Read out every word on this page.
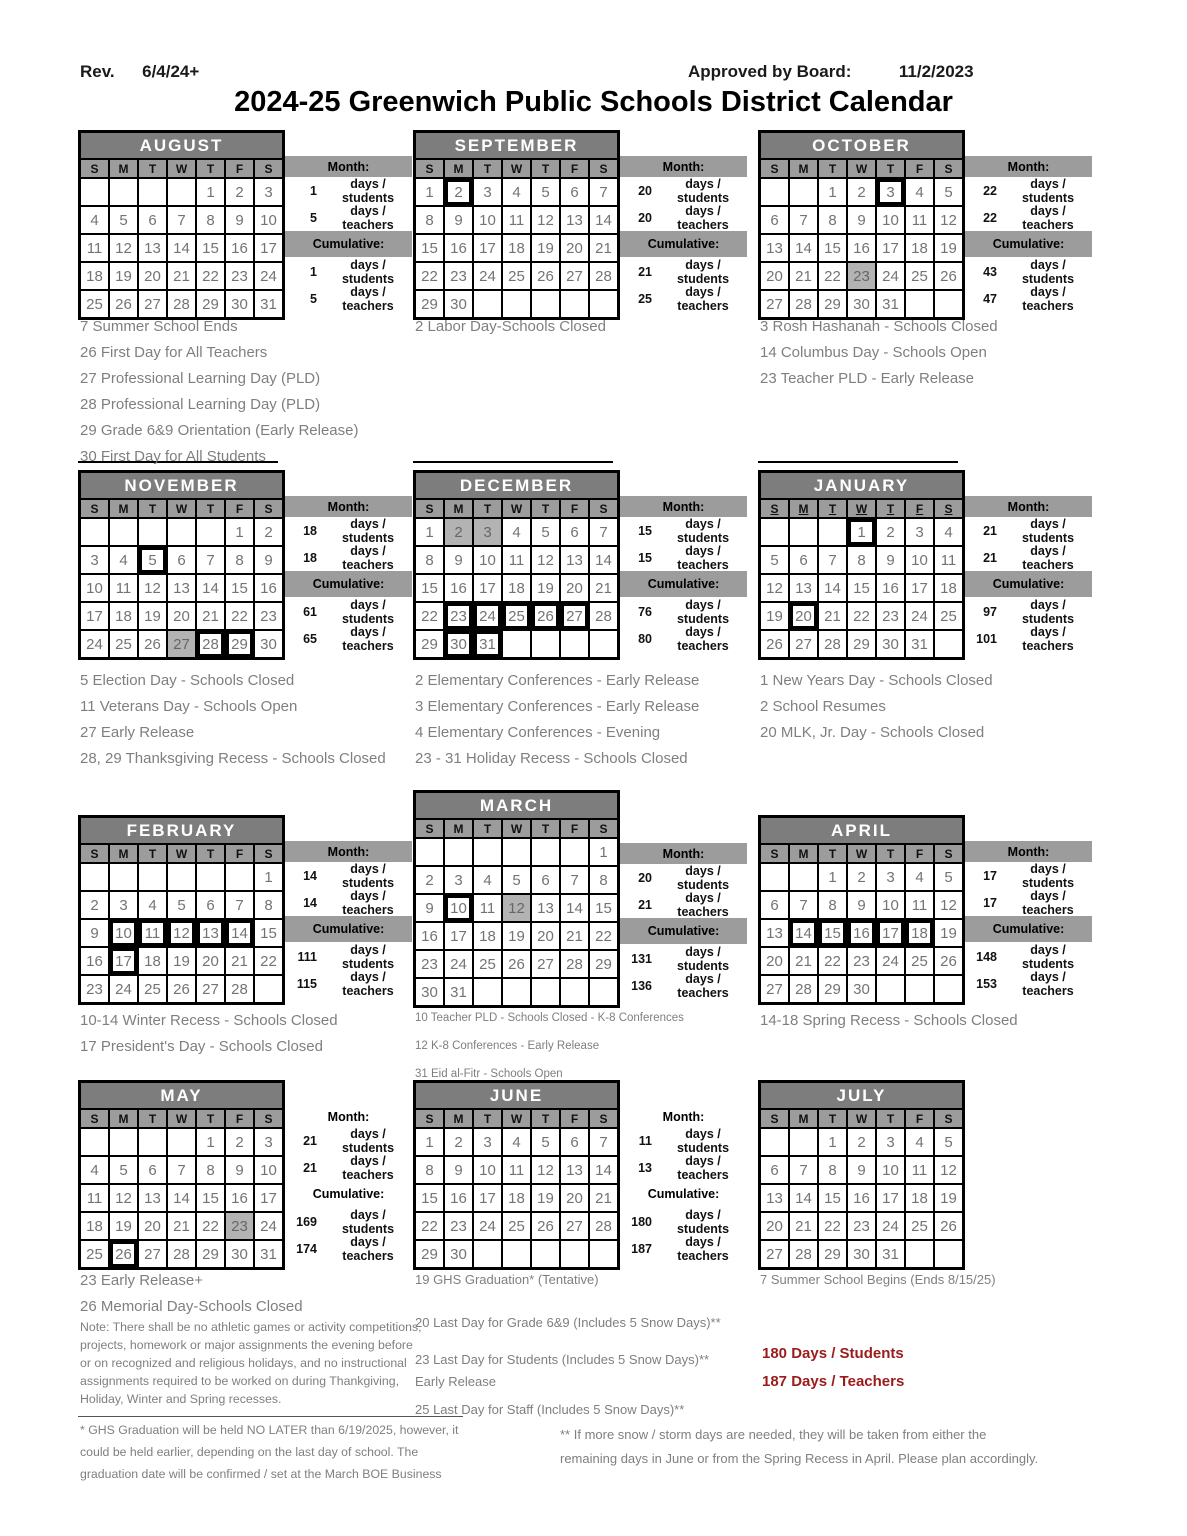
Rev. 6/4/24+	Approved by Board:	11/2/2023
2024-25 Greenwich Public Schools District Calendar
AUGUST						
S	M	T	W	T	F	S
				1	2	3
4	5	6	7	8	9	10
11	12	13	14	15	16	17
18	19	20	21	22	23	24
25	26	27	28	29	30	31
Month:
1	days / students
5	days / teachers
Cumulative:
1	days / students
5	days / teachers
SEPTEMBER						
S	M	T	W	T	F	S
1	2	3	4	5	6	7
8	9	10	11	12	13	14
15	16	17	18	19	20	21
22	23	24	25	26	27	28
29	30					
Month:
20	days / students
20	days / teachers
Cumulative:
21	days / students
25	days / teachers
OCTOBER						
S	M	T	W	T	F	S
		1	2	3	4	5
6	7	8	9	10	11	12
13	14	15	16	17	18	19
20	21	22	23	24	25	26
27	28	29	30	31		
Month:
22	days / students
22	days / teachers
Cumulative:
43	days / students
47	days / teachers
NOVEMBER						
S	M	T	W	T	F	S
					1	2
3	4	5	6	7	8	9
10	11	12	13	14	15	16
17	18	19	20	21	22	23
24	25	26	27	28	29	30
Month:
18	days / students
18	days / teachers
Cumulative:
61	days / students
65	days / teachers
DECEMBER						
S	M	T	W	T	F	S
1	2	3	4	5	6	7
8	9	10	11	12	13	14
15	16	17	18	19	20	21
22	23	24	25	26	27	28
29	30	31				
Month:
15	days / students
15	days / teachers
Cumulative:
76	days / students
80	days / teachers
JANUARY						
S	M	T	W	T	F	S
			1	2	3	4
5	6	7	8	9	10	11
12	13	14	15	16	17	18
19	20	21	22	23	24	25
26	27	28	29	30	31	
Month:
21	days / students
21	days / teachers
Cumulative:
97	days / students
101	days / teachers
FEBRUARY						
S	M	T	W	T	F	S
						1
2	3	4	5	6	7	8
9	10	11	12	13	14	15
16	17	18	19	20	21	22
23	24	25	26	27	28	
Month:
14	days / students
14	days / teachers
Cumulative:
111	days / students
115	days / teachers
MARCH						
S	M	T	W	T	F	S
						1
2	3	4	5	6	7	8
9	10	11	12	13	14	15
16	17	18	19	20	21	22
23	24	25	26	27	28	29
30	31					
Month:
20	days / students
21	days / teachers
Cumulative:
131	days / students
136	days / teachers
APRIL						
S	M	T	W	T	F	S
		1	2	3	4	5
6	7	8	9	10	11	12
13	14	15	16	17	18	19
20	21	22	23	24	25	26
27	28	29	30			
Month:
17	days / students
17	days / teachers
Cumulative:
148	days / students
153	days / teachers
MAY						
S	M	T	W	T	F	S
				1	2	3
4	5	6	7	8	9	10
11	12	13	14	15	16	17
18	19	20	21	22	23	24
25	26	27	28	29	30	31
Month:
21	days / students
21	days / teachers
Cumulative:
169	days / students
174	days / teachers
JUNE						
S	M	T	W	T	F	S
1	2	3	4	5	6	7
8	9	10	11	12	13	14
15	16	17	18	19	20	21
22	23	24	25	26	27	28
29	30					
Month:
11	days / students
13	days / teachers
Cumulative:
180	days / students
187	days / teachers
JULY						
S	M	T	W	T	F	S
		1	2	3	4	5
6	7	8	9	10	11	12
13	14	15	16	17	18	19
20	21	22	23	24	25	26
27	28	29	30	31		
Note: There shall be no athletic games or activity competitions, projects, homework or major assignments the evening before or on recognized and religious holidays, and no instructional assignments required to be worked on during Thankgiving, Holiday, Winter and Spring recesses.
180 Days / Students
187 Days / Teachers
* GHS Graduation will be held NO LATER than 6/19/2025, however, it
could be held earlier, depending on the last day of school. The
graduation date will be confirmed / set at the March BOE Business
** If more snow / storm days are needed, they will be taken from either the
remaining days in June or from the Spring Recess in April. Please plan accordingly.
7 Summer School Ends
26 First Day for All Teachers
27 Professional Learning Day (PLD)
28 Professional Learning Day (PLD)
29 Grade 6&9 Orientation (Early Release)
30 First Day for All Students
2 Labor Day-Schools Closed	3 Rosh Hashanah - Schools Closed
14 Columbus Day - Schools Open
23 Teacher PLD - Early Release
5 Election Day - Schools Closed
11 Veterans Day - Schools Open
27 Early Release
28, 29 Thanksgiving Recess - Schools Closed
2 Elementary Conferences - Early Release
3 Elementary Conferences - Early Release
4 Elementary Conferences - Evening
23 - 31 Holiday Recess - Schools Closed
1 New Years Day - Schools Closed
2 School Resumes
20 MLK, Jr. Day - Schools Closed
10-14 Winter Recess - Schools Closed
17 President's Day - Schools Closed
10 Teacher PLD - Schools Closed - K-8 Conferences
12 K-8 Conferences - Early Release
31 Eid al-Fitr - Schools Open
14-18 Spring Recess - Schools Closed
23 Early Release+
26 Memorial Day-Schools Closed
19 GHS Graduation* (Tentative)
20 Last Day for Grade 6&9 (Includes 5 Snow Days)**
23 Last Day for Students (Includes 5 Snow Days)**
Early Release
25 Last Day for Staff (Includes 5 Snow Days)**
7 Summer School Begins (Ends 8/15/25)
